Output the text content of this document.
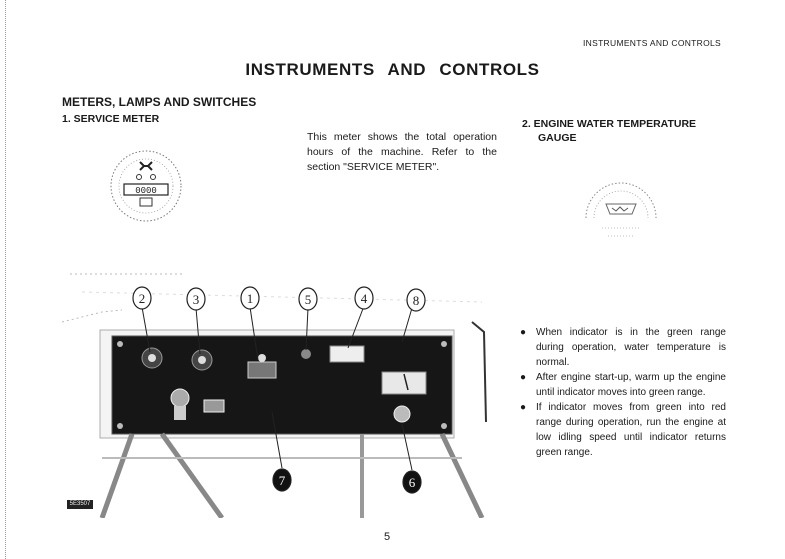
INSTRUMENTS AND CONTROLS
INSTRUMENTS AND CONTROLS
METERS, LAMPS AND SWITCHES
1. SERVICE METER
This meter shows the total operation hours of the machine. Refer to the section "SERVICE METER".
0000
2. ENGINE WATER TEMPERATURE
GAUGE
2	3	1	5	4	8
7	6
5E3507
● When indicator is in the green range during operation, water temperature is normal.
● After engine start-up, warm up the engine until indicator moves into green range.
● If indicator moves from green into red range during operation, run the engine at low idling speed until indicator returns green range.
5
